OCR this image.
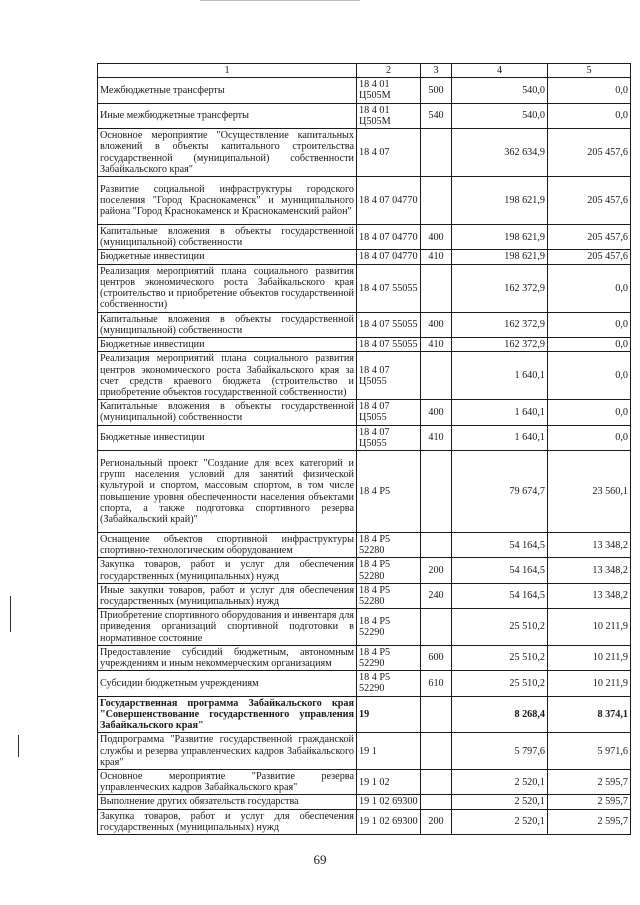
1	2	3	4	5
Межбюджетные трансферты	18 4 01 Ц505М	500	540,0	0,0
Иные межбюджетные трансферты	18 4 01 Ц505М	540	540,0	0,0
Основное мероприятие "Осуществление капитальных вложений в объекты капитального строительства государственной (муниципальной) собственности Забайкальского края"	18 4 07		362 634,9	205 457,6
Развитие социальной инфраструктуры городского поселения "Город Краснокаменск" и муниципального района "Город Краснокаменск и Краснокаменский район"	18 4 07 04770		198 621,9	205 457,6
Капитальные вложения в объекты государственной (муниципальной) собственности	18 4 07 04770	400	198 621,9	205 457,6
Бюджетные инвестиции	18 4 07 04770	410	198 621,9	205 457,6
Реализация мероприятий плана социального развития центров экономического роста Забайкальского края (строительство и приобретение объектов государственной собственности)	18 4 07 55055		162 372,9	0,0
Капитальные вложения в объекты государственной (муниципальной) собственности	18 4 07 55055	400	162 372,9	0,0
Бюджетные инвестиции	18 4 07 55055	410	162 372,9	0,0
Реализация мероприятий плана социального развития центров экономического роста Забайкальского края за счет средств краевого бюджета (строительство и приобретение объектов государственной собственности)	18 4 07 Ц5055		1 640,1	0,0
Капитальные вложения в объекты государственной (муниципальной) собственности	18 4 07 Ц5055	400	1 640,1	0,0
Бюджетные инвестиции	18 4 07 Ц5055	410	1 640,1	0,0
Региональный проект "Создание для всех категорий и групп населения условий для занятий физической культурой и спортом, массовым спортом, в том числе повышение уровня обеспеченности населения объектами спорта, а также подготовка спортивного резерва (Забайкальский край)"	18 4 P5		79 674,7	23 560,1
Оснащение объектов спортивной инфраструктуры спортивно-технологическим оборудованием	18 4 P5 52280		54 164,5	13 348,2
Закупка товаров, работ и услуг для обеспечения государственных (муниципальных) нужд	18 4 P5 52280	200	54 164,5	13 348,2
Иные закупки товаров, работ и услуг для обеспечения государственных (муниципальных) нужд	18 4 P5 52280	240	54 164,5	13 348,2
Приобретение спортивного оборудования и инвентаря для приведения организаций спортивной подготовки в нормативное состояние	18 4 P5 52290		25 510,2	10 211,9
Предоставление субсидий бюджетным, автономным учреждениям и иным некоммерческим организациям	18 4 P5 52290	600	25 510,2	10 211,9
Субсидии бюджетным учреждениям	18 4 P5 52290	610	25 510,2	10 211,9
Государственная программа Забайкальского края "Совершенствование государственного управления Забайкальского края"	19		8 268,4	8 374,1
Подпрограмма "Развитие государственной гражданской службы и резерва управленческих кадров Забайкальского края"	19 1		5 797,6	5 971,6
Основное мероприятие "Развитие резерва управленческих кадров Забайкальского края"	19 1 02		2 520,1	2 595,7
Выполнение других обязательств государства	19 1 02 69300		2 520,1	2 595,7
Закупка товаров, работ и услуг для обеспечения государственных (муниципальных) нужд	19 1 02 69300	200	2 520,1	2 595,7
69
